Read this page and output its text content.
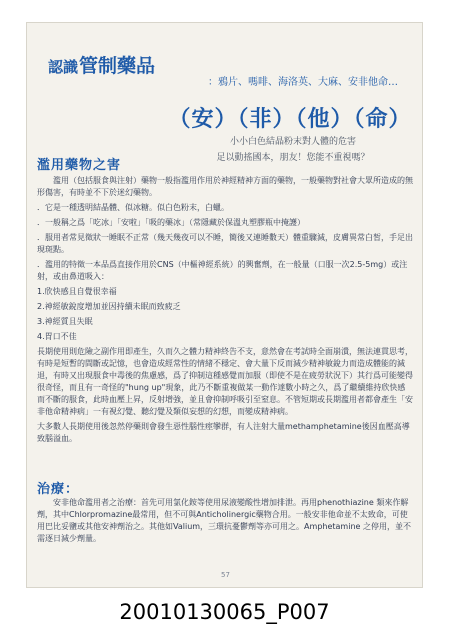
認識管制藥品
：鴉片、嗎啡、海洛英、大麻、安非他命…
（安）（非）（他）（命）
小小白色結晶粉末對人體的危害
足以動搖國本，朋友！您能不重視嗎？
濫用藥物之害

　　濫用（包括服食與注射）藥物一般指濫用作用於神經精神方面的藥物，一般藥物對社會大眾所造成的無形傷害，有時並不下於迷幻藥物。

．它是一種透明結晶體、似冰糖。似白色粉末，白蠟。

．一般稱之爲「吃冰」「安啦」「吸的藥冰」（常隱藏於保溫丸塑膠瓶中掩護）

．服用者常見徵狀一睡眠不正常（幾天幾夜可以不睡，簡後又連睡數天）體重驟減，皮膚異常白皙，手足出現斑點。

．濫用的特徵一本品爲直接作用於CNS（中樞神經系統）的興奮劑，在一般量（口服一次2.5-5mg）或注射，或由鼻道吸入：

1.欣快感且自覺很幸福

2.神經敏銳度增加並因持續未眠而致疲乏

3.神經質且失眠

4.胃口不佳

長期使用則危險之副作用即產生，久而久之體力精神終告不支，意然會在考試時全面崩潰，無法連貫思考，有時是短暫的間斷或記憶，也會造成經常性的情緒不穩定、會大量下反而減少精神敏銳力而造成體能的減退，有時又出現服食中毒後的焦慮感，爲了抑制這種感覺而加服（即使不是在疲勞狀況下）其行爲可能變得很奇怪，而且有一奇怪的"hung up"現象，此乃不斷重複做某一動作達數小時之久，爲了繼續維持欣快感而不斷的服食，此時血壓上昇，反射增強，並且會抑制呼吸引至窒息。不管短期或長期濫用者都會產生「安非他命精神病」一有視幻覺、聽幻覺及類似妄想的幻想，而變成精神病。

大多數人長期使用後忽然停藥則會發生惡性腦性痙攣群，有人注射大量methamphetamine後因血壓高導致腦溢血。

治療：

　　安非他命濫用者之治療：首先可用氯化銨等使用尿液變酸性增加排泄。再用phenothiazine 類來作解劑，其中Chlorpromazine最常用，但不可與Anticholinergic藥物合用。一般安非他命並不太致命，可使用巴比妥鹽或其他安神劑治之。其他如Valium，三環抗憂鬱劑等亦可用之。Amphetamine 之停用，並不需逐日減少劑量。

57
20010130065_P007
